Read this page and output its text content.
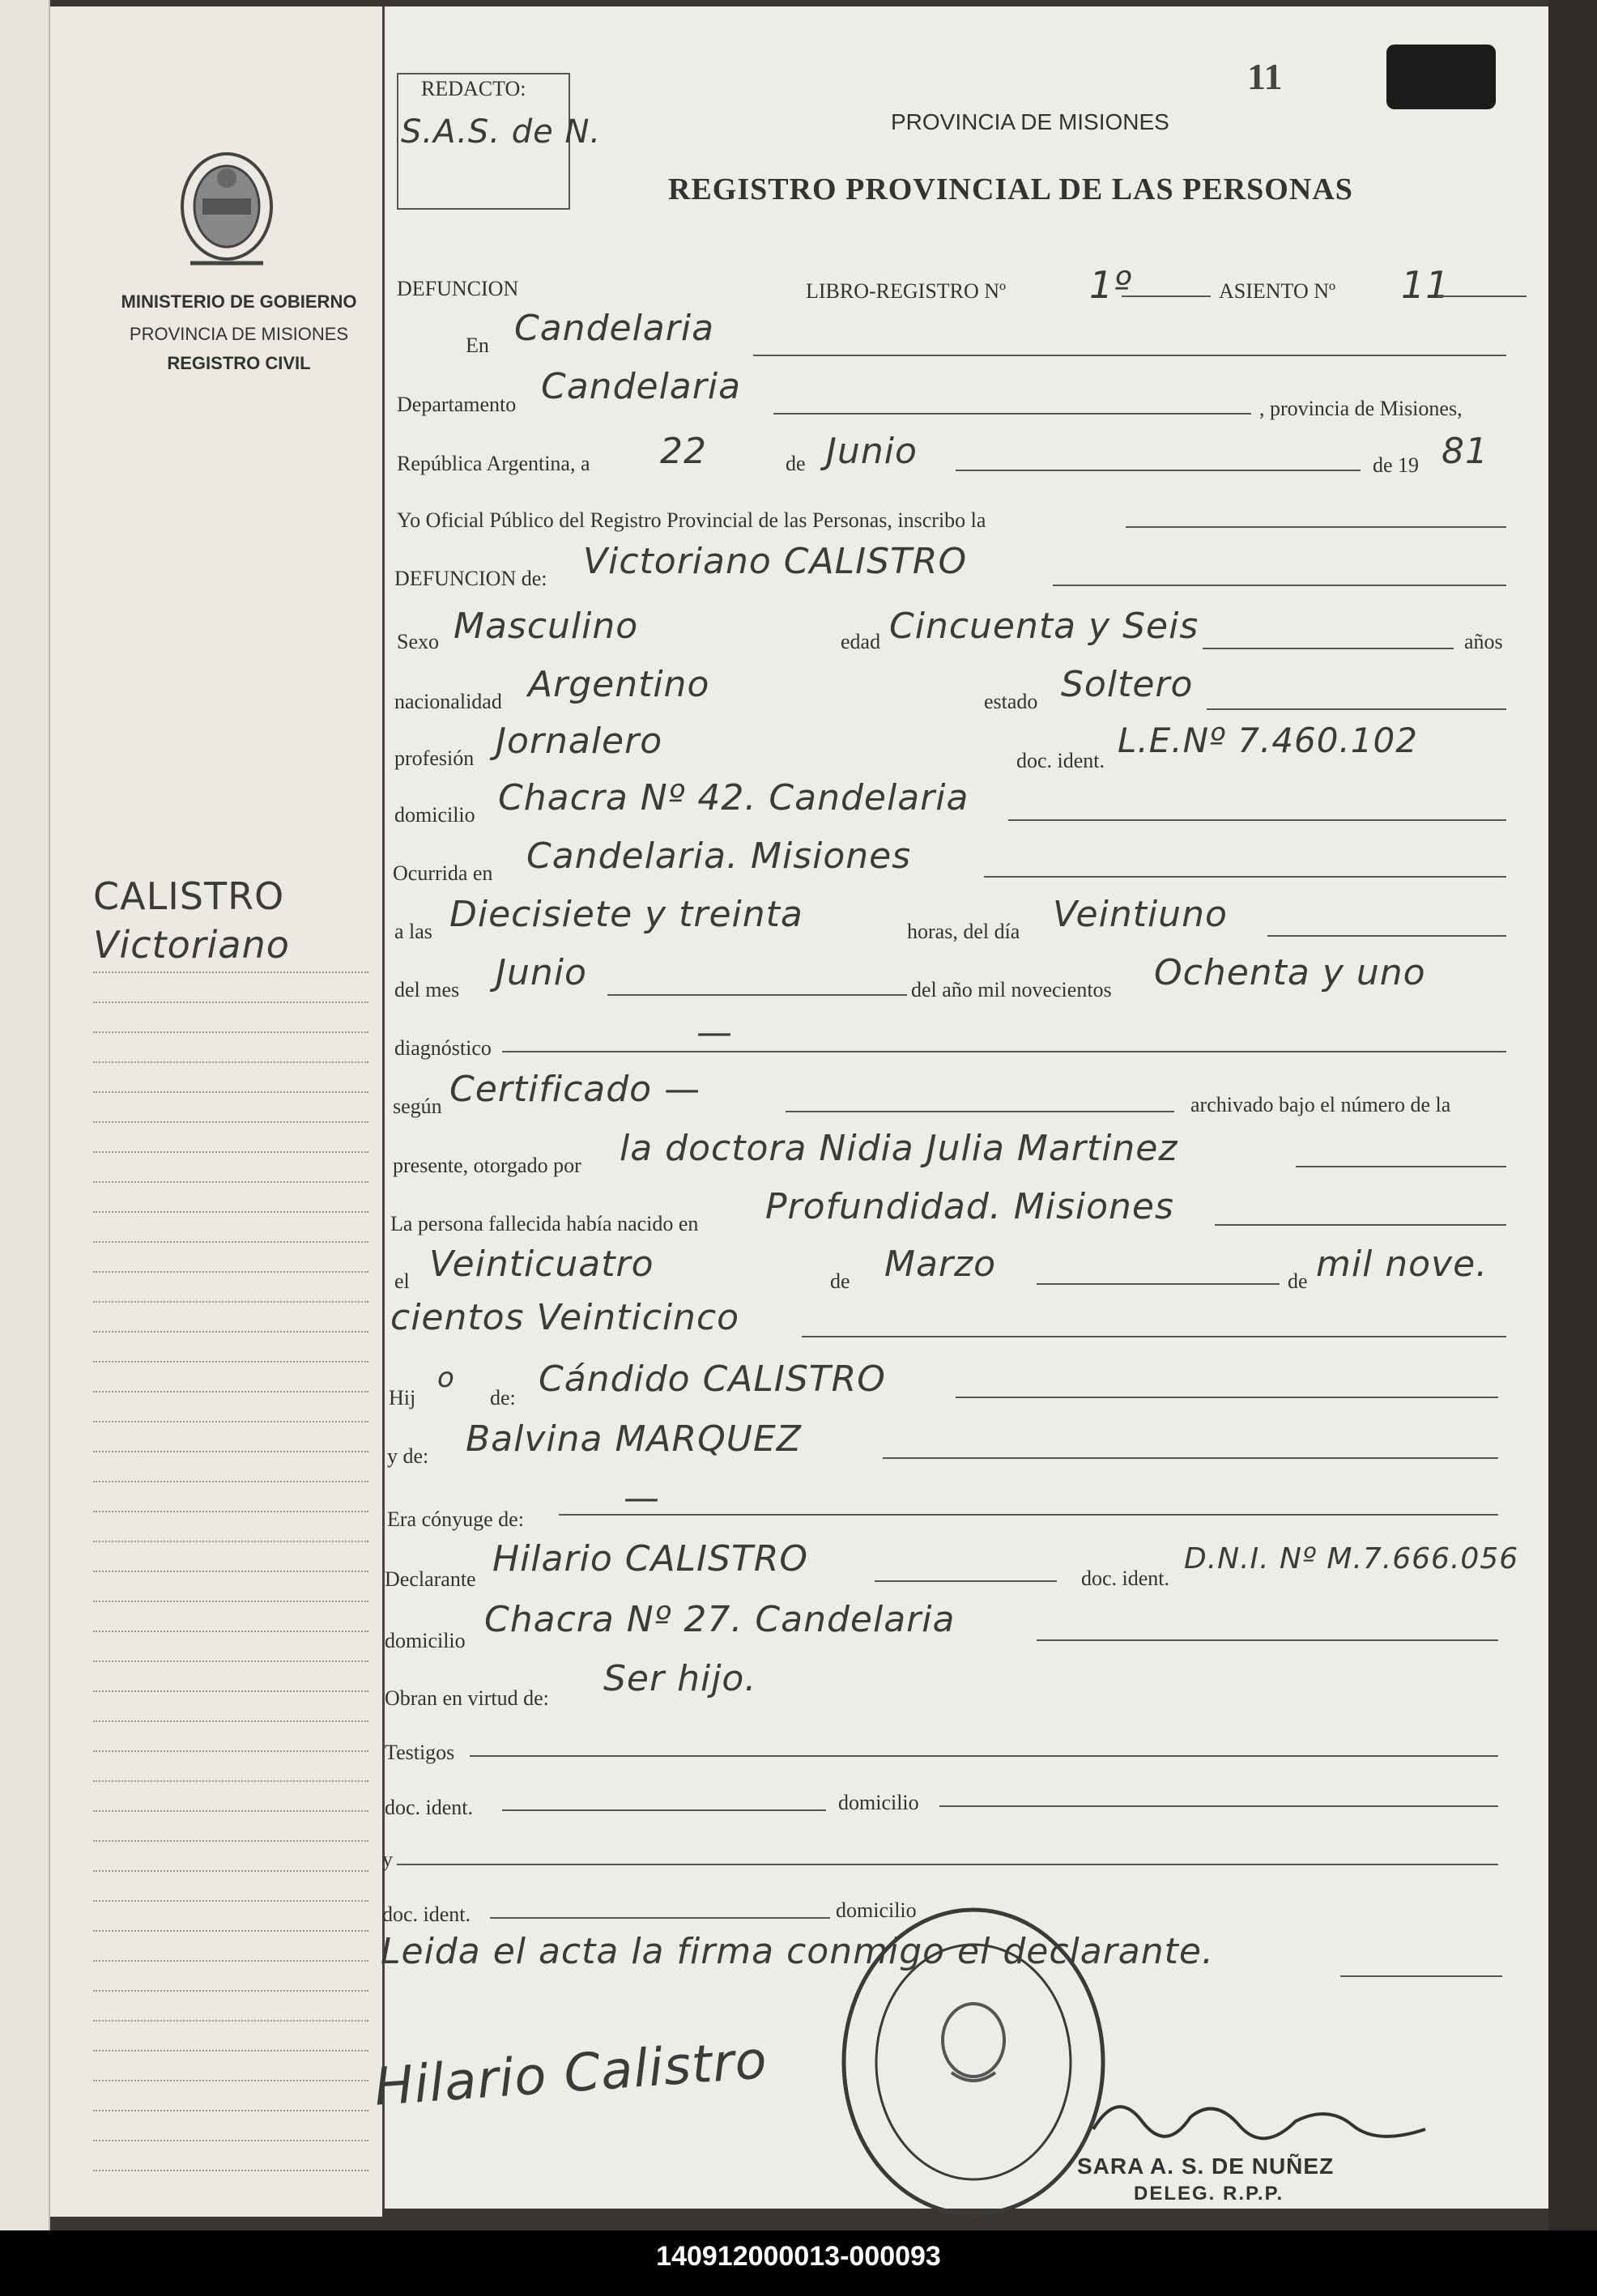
MINISTERIO DE GOBIERNO
PROVINCIA DE MISIONES
REGISTRO CIVIL
CALISTRO
Victoriano
REDACTO:
S.A.S. de N.
11
PROVINCIA DE MISIONES
REGISTRO PROVINCIAL DE LAS PERSONAS
DEFUNCION	LIBRO-REGISTRO Nº 1º	ASIENTO Nº 11
En Candelaria
Departamento Candelaria
, provincia de Misiones,
República Argentina, a 22	de Junio	de 19 81
Yo Oficial Público del Registro Provincial de las Personas, inscribo la
DEFUNCION de: Victoriano CALISTRO
Sexo Masculino	edad Cincuenta y Seis	años
nacionalidad Argentino	estado Soltero
profesión Jornalero	doc. ident.
L.E.Nº 7.460.102
domicilio Chacra Nº 42. Candelaria
Ocurrida en Candelaria. Misiones
a las Diecisiete y treinta	horas, del día Veintiuno
del mes Junio	del año mil novecientos Ochenta y uno
diagnóstico	—
según Certificado —	archivado bajo el número de la
presente, otorgado por la doctora Nidia Julia Martinez
La persona fallecida había nacido en Profundidad. Misiones
el Veinticuatro	de Marzo	de mil nove.
cientos Veinticinco
Hij
o
de: Cándido CALISTRO
y de: Balvina MARQUEZ
Era cónyuge de:
—
Declarante Hilario CALISTRO	doc. ident.
D.N.I. Nº M.7.666.056
domicilio
Chacra Nº 27. Candelaria
Obran en virtud de: Ser hijo.
Testigos
doc. ident.	domicilio
y
doc. ident.	domicilio
Leida el acta la firma conmigo el declarante.
Hilario Calistro
SARA A. S. DE NUÑEZ
DELEG. R.P.P.
140912000013-000093
